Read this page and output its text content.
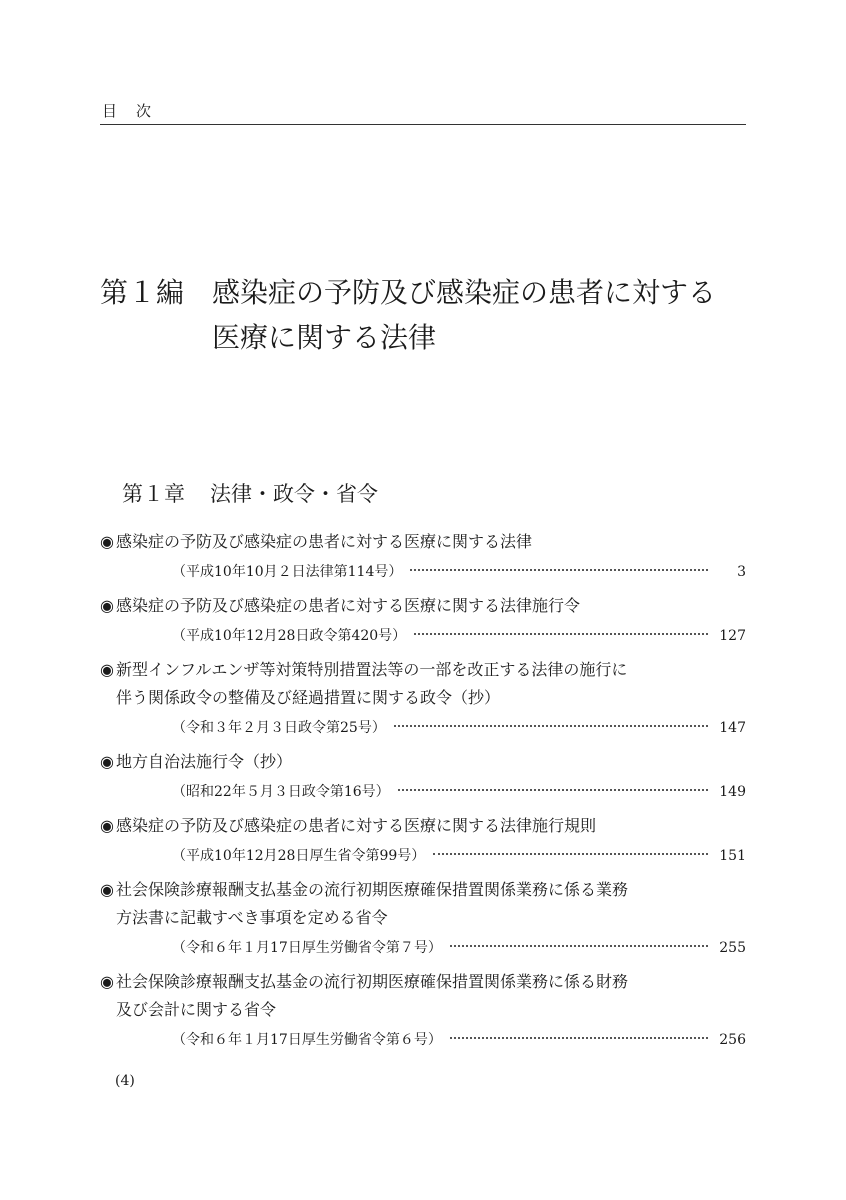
目　次
第１編 感染症の予防及び感染症の患者に対する
医療に関する法律
第１章 法律・政令・省令
◉ 感染症の予防及び感染症の患者に対する医療に関する法律
（平成10年10月２日法律第114号）	3
◉ 感染症の予防及び感染症の患者に対する医療に関する法律施行令
（平成10年12月28日政令第420号）	127
◉ 新型インフルエンザ等対策特別措置法等の一部を改正する法律の施行に
伴う関係政令の整備及び経過措置に関する政令（抄）
（令和３年２月３日政令第25号）	147
◉ 地方自治法施行令（抄）
（昭和22年５月３日政令第16号）	149
◉ 感染症の予防及び感染症の患者に対する医療に関する法律施行規則
（平成10年12月28日厚生省令第99号）	151
◉ 社会保険診療報酬支払基金の流行初期医療確保措置関係業務に係る業務
方法書に記載すべき事項を定める省令
（令和６年１月17日厚生労働省令第７号）	255
◉ 社会保険診療報酬支払基金の流行初期医療確保措置関係業務に係る財務
及び会計に関する省令
（令和６年１月17日厚生労働省令第６号）	256
(4)
